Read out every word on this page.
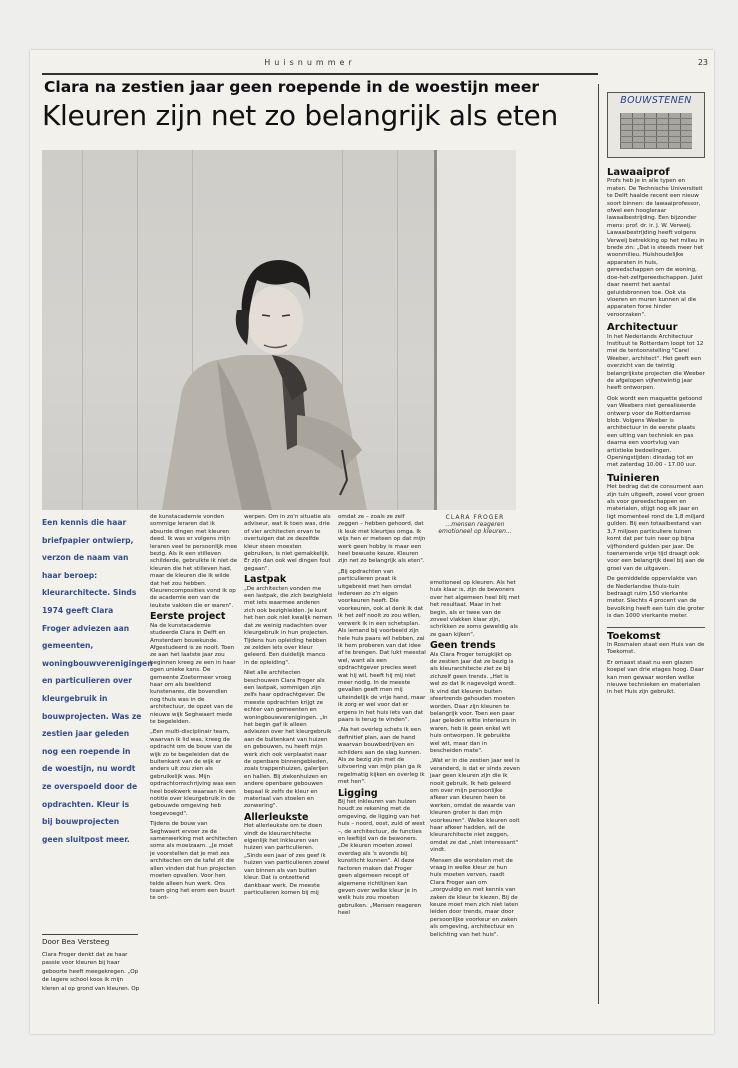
Huisnummer	23
Clara na zestien jaar geen roepende in de woestijn meer
Kleuren zijn net zo belangrijk als eten
Een kennis die haar briefpapier ontwierp, verzon de naam van haar beroep: kleurarchitecte. Sinds 1974 geeft Clara Froger adviezen aan gemeenten, woningbouwverenigingen en particulieren over kleurgebruik in bouwprojecten. Was ze zestien jaar geleden nog een roepende in de woestijn, nu wordt ze overspoeld door de opdrachten. Kleur is bij bouwprojecten geen sluitpost meer.
Door Bea Versteeg
Clara Froger denkt dat ze haar passie voor kleuren bij haar geboorte heeft meegekregen. „Op de lagere school koos ik mijn kleren al op grond van kleuren. Op

de kunstacademie vonden sommige leraren dat ik absurde dingen met kleuren deed. Ik was er volgens mijn leraren veel te persoonlijk mee bezig. Als ik een stilleven schilderde, gebruikte ik niet de kleuren die het stilleven had, maar de kleuren die ik wilde dat het zou hebben. Kleurencomposities vond ik op de academie een van de leukste vakken die er waren".

Eerste project

Na de kunstacademie studeerde Clara in Delft en Amsterdam bouwkunde. Afgestudeerd is ze nooit. Toen ze aan het laatste jaar zou beginnen kreeg ze een in haar ogen unieke kans. De gemeente Zoetermeer vroeg haar om als beeldend kunstenares, die bovendien nog thuis was in de architectuur, de opzet van de nieuwe wijk Seghwaert mede te begeleiden.

„Een multi-disciplinair team, waarvan ik lid was, kreeg de opdracht om de bouw van de wijk zo te begeleiden dat de buitenkant van de wijk er anders uit zou zien als gebruikelijk was. Mijn opdrachtomschrijving was een heel boekwerk waaraan ik een notitie over kleurgebruik in de gebouwde omgeving heb toegevoegd".

Tijdens de bouw van Seghwaert ervoer ze de samenwerking met architecten soms als moeizaam. „Je moet je voorstellen dat je met zes architecten om de tafel zit die allen vinden dat hun projecten moeten opvallen. Voor hen telde alleen hun werk. Ons team ging het erom een buurt te ont-

werpen. Om in zo'n situatie als adviseur, wat ik toen was, drie of vier architecten ervan te overtuigen dat ze dezelfde kleur steen moesten gebruiken, is niet gemakkelijk. Er zijn dan ook wel dingen fout gegaan".

Lastpak

„De architecten vonden me een lastpak, die zich bezighield met iets waarmee anderen zich ook bezighielden. Je kunt het hen ook niet kwalijk nemen dat ze weinig nadachten over kleurgebruik in hun projecten. Tijdens hun opleiding hebben ze zelden iets over kleur geleerd. Een duidelijk manco in de opleiding".

Niet alle architecten beschouwen Clara Froger als een lastpak, sommigen zijn zelfs haar opdrachtgever. De meeste opdrachten krijgt ze echter van gemeenten en woningbouwverenigingen. „In het begin gaf ik alleen adviezen over het kleurgebruik aan de buitenkant van huizen en gebouwen, nu heeft mijn werk zich ook verplaatst naar de openbare binnengebieden, zoals trappenhuizen, galerijen en hallen. Bij ziekenhuizen en andere openbare gebouwen bepaal ik zelfs de kleur en materiaal van stoelen en zonwering".

Allerleukste

Het allerleukste om te doen vindt de kleurarchitecte eigenlijk het inkleuren van huizen van particulieren. „Sinds een jaar of zes geef ik huizen van particulieren zowel van binnen als van buiten kleur. Dat is ontzettend dankbaar werk. De meeste particulieren komen bij mij

omdat ze – zoals ze zelf zeggen – hebben gehoord, dat ik leuk met kleurtjes omga. Ik wijs hen er meteen op dat mijn werk geen hobby is maar een heel bewuste keuze. Kleuren zijn net zo belangrijk als eten".

„Bij opdrachten van particulieren praat ik uitgebreid met hen omdat iedereen zo z'n eigen voorkeuren heeft. Die voorkeuren, ook al denk ik dat ik het zelf nooit zo zou willen, verwerk ik in een schetsplan. Als iemand bij voorbeeld zijn hele huis paars wil hebben, zal ik hem proberen van dat idee af te brengen. Dat lukt meestal wel, want als een opdrachtgever precies weet wat hij wil, heeft hij mij niet meer nodig. In de meeste gevallen geeft men mij uiteindelijk de vrije hand, maar ik zorg er wel voor dat er ergens in het huis iets van dat paars is terug te vinden".

„Na het overleg schets ik een definitief plan, aan de hand waarvan bouwbedrijven en schilders aan de slag kunnen. Als ze bezig zijn met de uitvoering van mijn plan ga ik regelmatig kijken en overleg ik met hen".

Ligging

Bij het inkleuren van huizen houdt ze rekening met de omgeving, de ligging van het huis – noord, oost, zuid of west –, de architectuur, de functies en leeftijd van de bewoners. „De kleuren moeten zowel overdag als 's avonds bij kunstlicht kunnen". Al deze factoren maken dat Froger geen algemeen recept of algemene richtlijnen kan geven over welke kleur je in welk huis zou moeten gebruiken. „Mensen reageren heel

CLARA FROGER
...mensen reageren emotioneel op kleuren...

emotioneel op kleuren. Als het huis klaar is, zijn de bewoners over het algemeen heel blij met het resultaat. Maar in het begin, als er twee van de zoveel vlakken klaar zijn, schrikken ze soms geweldig als ze gaan kijken".

Geen trends

Als Clara Froger terugkijkt op de zestien jaar dat ze bezig is als kleurarchitecte ziet ze bij zichzelf geen trends. „Het is wel zo dat ik nagevolgd wordt. Ik vind dat kleuren buiten sfeertrends gehouden moeten worden. Daar zijn kleuren te belangrijk voor. Toen een paar jaar geleden witte interieurs in waren, heb ik geen enkel wit huis ontworpen. Ik gebruikte wel wit, maar dan in bescheiden mate".

„Wat er in die zestien jaar wel is veranderd, is dat er sinds zeven jaar geen kleuren zijn die ik nooit gebruik. Ik heb geleerd om over mijn persoonlijke afkeer van kleuren heen te werken, omdat de waarde van kleuren groter is dan mijn voorkeuren". Welke kleuren ooit haar afkeer hadden, wil de kleurarchitecte niet zeggen, omdat ze dat „niet interessant" vindt.

Mensen die worstelen met de vraag in welke kleur ze hun huis moeten verven, raadt Clara Froger aan om „zorgvuldig en met kennis van zaken de kleur te kiezen. Bij de keuze moet men zich niet laten leiden door trends, maar door persoonlijke voorkeur en zaken als omgeving, architectuur en belichting van het huis".

BOUWSTENEN
Lawaaiprof

Profs heb je in alle typen en maten. De Technische Universiteit te Delft haalde recent een nieuw soort binnen: de lawaaiprofessor, ofwel een hoogleraar lawaaibestrijding. Een bijzonder mens: prof. dr. ir. J. W. Verweij. Lawaaibestrijding heeft volgens Verweij betrekking op het milieu in brede zin: „Dat is steeds meer het woonmilieu. Huishoudelijke apparaten in huis, gereedschappen om de woning, doe-het-zelfgereedschappen. Juist daar neemt het aantal geluidsbronnen toe. Ook via vloeren en muren kunnen al die apparaten forse hinder veroorzaken".

Architectuur

In het Nederlands Architectuur Instituut te Rotterdam loopt tot 12 mei de tentoonstelling "Carel Weeber, architect". Het geeft een overzicht van de twintig belangrijkste projecten die Weeber de afgelopen vijfentwintig jaar heeft ontworpen.

Ook wordt een maquette getoond van Weebers niet gerealiseerde ontwerp voor de Rotterdamse blob. Volgens Weeber is architectuur in de eerste plaats een uiting van techniek en pas daarna een voortvlug van artistieke bedoelingen. Openingstijden: dinsdag tot en met zaterdag 10.00 - 17.00 uur.

Tuinieren

Het bedrag dat de consument aan zijn tuin uitgeeft, zowel voor groen als voor gereedschappen en materialen, stijgt nog elk jaar en ligt momenteel rond de 1,8 miljard gulden. Bij een totaalbestand van 3,7 miljoen particuliere tuinen komt dat per tuin neer op bijna vijfhonderd gulden per jaar. De toenemende vrije tijd draagt ook voor een belangrijk deel bij aan de groei van de uitgaven.

De gemiddelde oppervlakte van de Nederlandse thuis-tuin bedraagt ruim 150 vierkante meter. Slechts 4 procent van de bevolking heeft een tuin die groter is dan 1000 vierkante meter.

Toekomst

In Rosmalen staat een Huis van de Toekomst.

Er omaast staat nu een glazen koepel van drie etages hoog. Daar kan men gewaar worden welke nieuwe technieken en materialen in het Huis zijn gebruikt.
